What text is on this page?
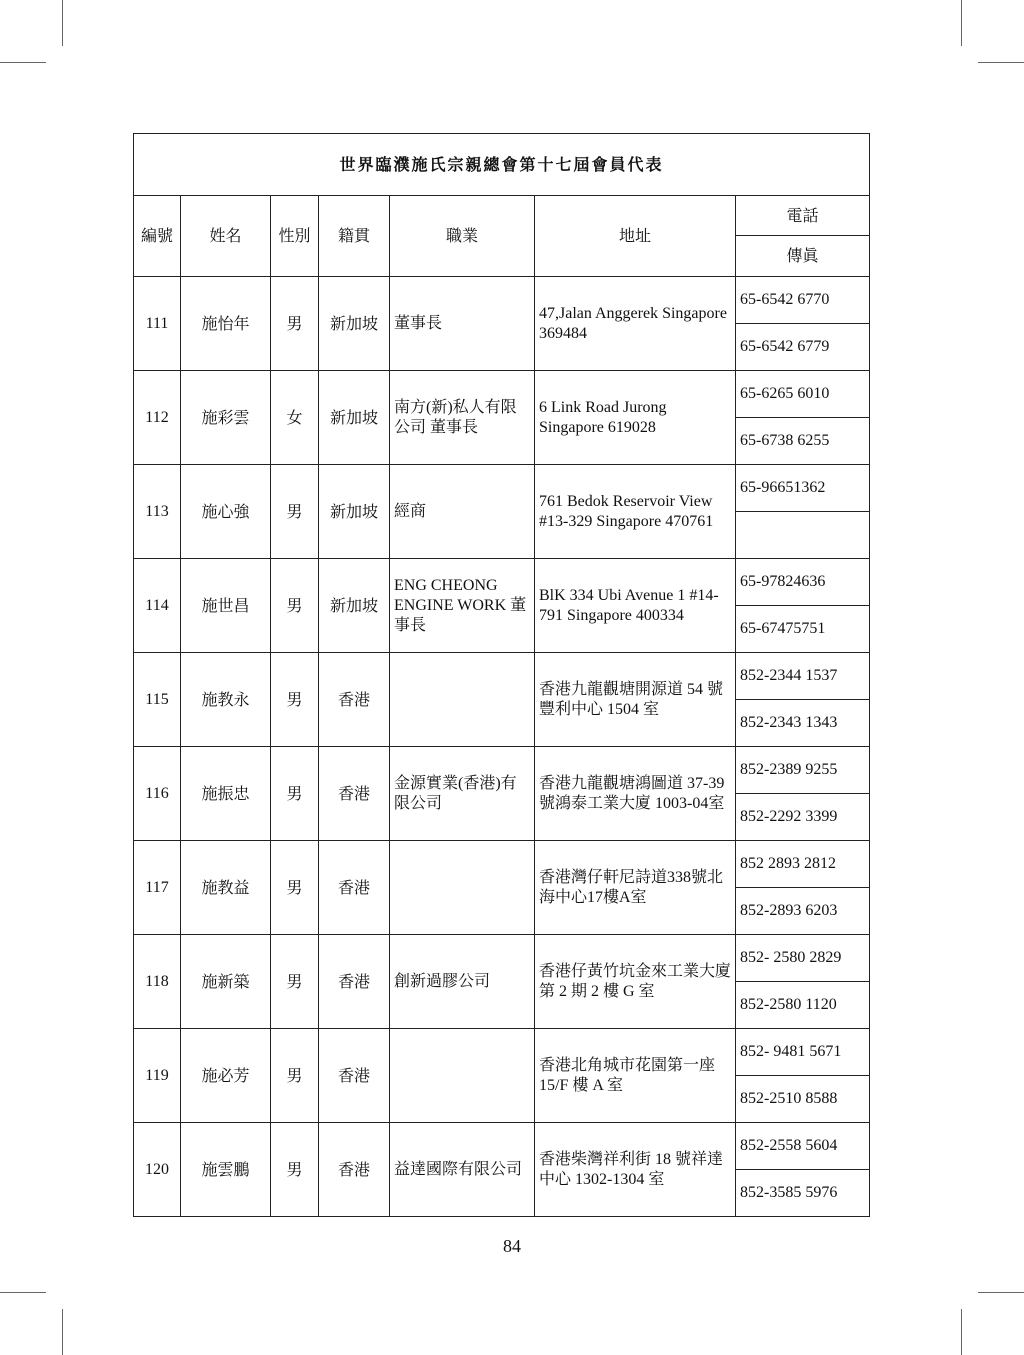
世界臨濮施氏宗親總會第十七屆會員代表						
編號	姓名	性別	籍貫	職業	地址	電話
						傳眞
111	施怡年	男	新加坡	董事長	47,Jalan Anggerek Singapore 369484	65-6542 6770
						65-6542 6779
112	施彩雲	女	新加坡	南方(新)私人有限公司 董事長	6 Link Road Jurong Singapore 619028	65-6265 6010
						65-6738 6255
113	施心強	男	新加坡	經商	761 Bedok Reservoir View #13-329 Singapore 470761	65-96651362

114	施世昌	男	新加坡	ENG CHEONG ENGINE WORK 董事長	BlK 334 Ubi Avenue 1 #14-791 Singapore 400334	65-97824636
						65-67475751
115	施教永	男	香港		香港九龍觀塘開源道 54 號豐利中心 1504 室	852-2344 1537
						852-2343 1343
116	施振忠	男	香港	金源實業(香港)有限公司	香港九龍觀塘鴻圖道 37-39號鴻泰工業大廈 1003-04室	852-2389 9255
						852-2292 3399
117	施教益	男	香港		香港灣仔軒尼詩道338號北海中心17樓A室	852 2893 2812
						852-2893 6203
118	施新築	男	香港	創新過膠公司	香港仔黃竹坑金來工業大廈第 2 期 2 樓 G 室	852- 2580 2829
						852-2580 1120
119	施必芳	男	香港		香港北角城市花園第一座 15/F 樓 A 室	852- 9481 5671
						852-2510 8588
120	施雲鵬	男	香港	益達國際有限公司	香港柴灣祥利街 18 號祥達中心 1302-1304 室	852-2558 5604
						852-3585 5976
84
